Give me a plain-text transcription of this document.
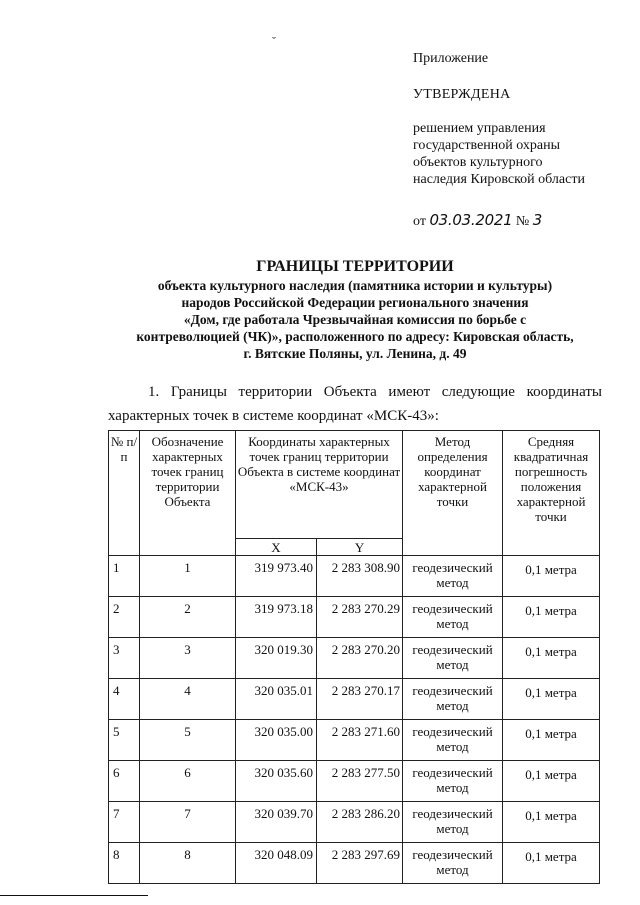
˘
Приложение
УТВЕРЖДЕНА
решением управления
государственной охраны
объектов культурного
наследия Кировской области
от 03.03.2021 № 3
ГРАНИЦЫ ТЕРРИТОРИИ
объекта культурного наследия (памятника истории и культуры)
народов Российской Федерации регионального значения
«Дом, где работала Чрезвычайная комиссия по борьбе с
контреволюцией (ЧК)», расположенного по адресу: Кировская область,
г. Вятские Поляны, ул. Ленина, д. 49
1. Границы территории Объекта имеют следующие координаты
характерных точек в системе координат «МСК-43»:
№ п/п	Обозначение характерных точек границ территории Объекта	Координаты характерных точек границ территории Объекта в системе координат «МСК-43»		Метод определения координат характерной точки	Средняя квадратичная погрешность положения характерной точки
		X	Y		
1	1	319 973.40	2 283 308.90	геодезический метод	0,1 метра
2	2	319 973.18	2 283 270.29	геодезический метод	0,1 метра
3	3	320 019.30	2 283 270.20	геодезический метод	0,1 метра
4	4	320 035.01	2 283 270.17	геодезический метод	0,1 метра
5	5	320 035.00	2 283 271.60	геодезический метод	0,1 метра
6	6	320 035.60	2 283 277.50	геодезический метод	0,1 метра
7	7	320 039.70	2 283 286.20	геодезический метод	0,1 метра
8	8	320 048.09	2 283 297.69	геодезический метод	0,1 метра
